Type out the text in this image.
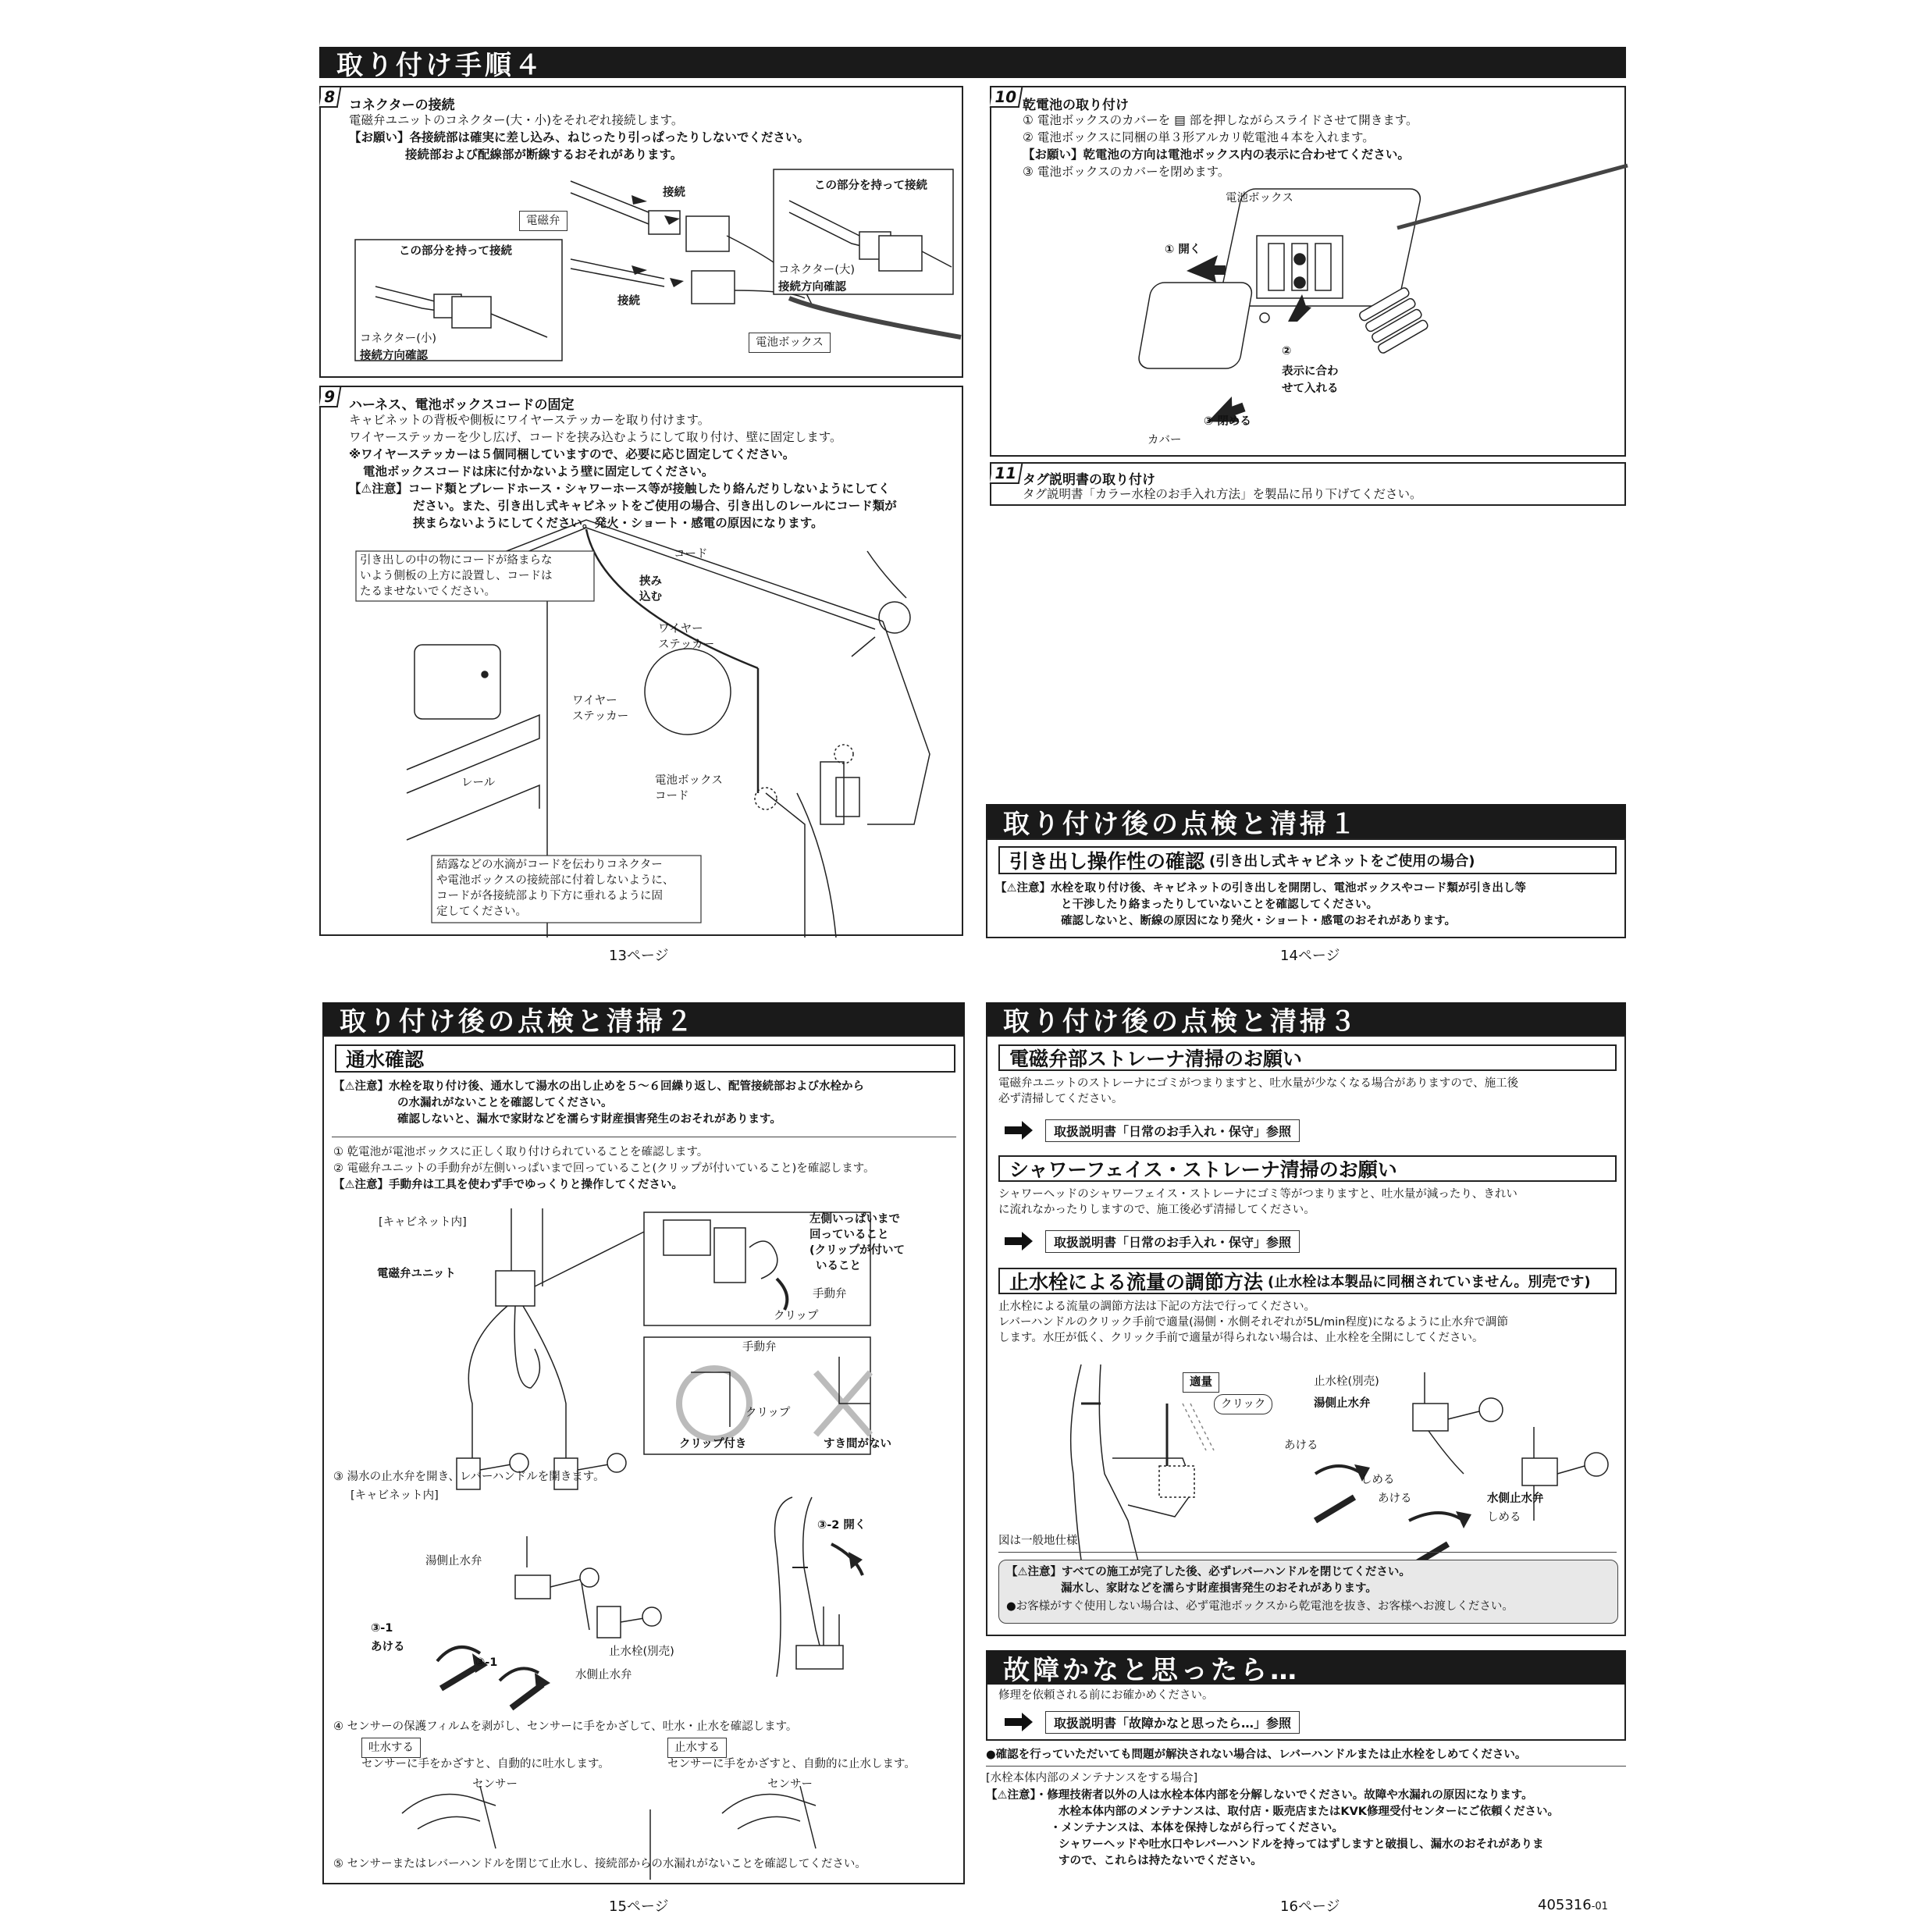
取り付け手順４
8 コネクターの接続
電磁弁ユニットのコネクター(大・小)をそれぞれ接続します。
【お願い】各接続部は確実に差し込み、ねじったり引っぱったりしないでください。
接続部および配線部が断線するおそれがあります。
接続
この部分を持って接続
電磁弁
この部分を持って接続
コネクター(大)
接続方向確認
接続
電池ボックス
コネクター(小)
接続方向確認
9 ハーネス、電池ボックスコードの固定
キャビネットの背板や側板にワイヤーステッカーを取り付けます。
ワイヤーステッカーを少し広げ、コードを挟み込むようにして取り付け、壁に固定します。
※ワイヤーステッカーは５個同梱していますので、必要に応じ固定してください。
電池ボックスコードは床に付かないよう壁に固定してください。
【⚠注意】コード類とブレードホース・シャワーホース等が接触したり絡んだりしないようにしてく
ださい。また、引き出し式キャビネットをご使用の場合、引き出しのレールにコード類が
挟まらないようにしてください。発火・ショート・感電の原因になります。
引き出しの中の物にコードが絡まらな
いよう側板の上方に設置し、コードは
たるませないでください。
コード
挟み
込む
ワイヤー
ステッカー
ワイヤー
ステッカー
レール	電池ボックス
コード
結露などの水滴がコードを伝わりコネクター
や電池ボックスの接続部に付着しないように、
コードが各接続部より下方に垂れるように固
定してください。
13ページ
10 乾電池の取り付け
① 電池ボックスのカバーを ▤ 部を押しながらスライドさせて開きます。
② 電池ボックスに同梱の単３形アルカリ乾電池４本を入れます。
【お願い】乾電池の方向は電池ボックス内の表示に合わせてください。
③ 電池ボックスのカバーを閉めます。
電池ボックス
① 開く
②
表示に合わ
せて入れる
③ 閉める
カバー
11 タグ説明書の取り付け
タグ説明書「カラー水栓のお手入れ方法」を製品に吊り下げてください。
取り付け後の点検と清掃１
引き出し操作性の確認 (引き出し式キャビネットをご使用の場合)
【⚠注意】水栓を取り付け後、キャビネットの引き出しを開閉し、電池ボックスやコード類が引き出し等
と干渉したり絡まったりしていないことを確認してください。
確認しないと、断線の原因になり発火・ショート・感電のおそれがあります。
14ページ
取り付け後の点検と清掃２
通水確認
【⚠注意】水栓を取り付け後、通水して湯水の出し止めを５～６回繰り返し、配管接続部および水栓から
の水漏れがないことを確認してください。
確認しないと、漏水で家財などを濡らす財産損害発生のおそれがあります。
① 乾電池が電池ボックスに正しく取り付けられていることを確認します。
② 電磁弁ユニットの手動弁が左側いっぱいまで回っていること(クリップが付いていること)を確認します。
【⚠注意】手動弁は工具を使わず手でゆっくりと操作してください。
[キャビネット内]
電磁弁ユニット
左側いっぱいまで
回っていること
(クリップが付いて
いること
手動弁
クリップ
手動弁
クリップ
クリップ付き	すき間がない
③ 湯水の止水弁を開き、レバーハンドルを開きます。
[キャビネット内]
湯側止水弁
③-1
あける
③-1
止水栓(別売)
水側止水弁
③-2 開く
④ センサーの保護フィルムを剥がし、センサーに手をかざして、吐水・止水を確認します。
吐水する
センサーに手をかざすと、自動的に吐水します。
止水する
センサーに手をかざすと、自動的に止水します。
センサー	センサー
⑤ センサーまたはレバーハンドルを閉じて止水し、接続部からの水漏れがないことを確認してください。
15ページ
取り付け後の点検と清掃３
電磁弁部ストレーナ清掃のお願い
電磁弁ユニットのストレーナにゴミがつまりますと、吐水量が少なくなる場合がありますので、施工後
必ず清掃してください。
取扱説明書「日常のお手入れ・保守」参照
シャワーフェイス・ストレーナ清掃のお願い
シャワーヘッドのシャワーフェイス・ストレーナにゴミ等がつまりますと、吐水量が減ったり、きれい
に流れなかったりしますので、施工後必ず清掃してください。
取扱説明書「日常のお手入れ・保守」参照
止水栓による流量の調節方法 (止水栓は本製品に同梱されていません。別売です)
止水栓による流量の調節方法は下記の方法で行ってください。
レバーハンドルのクリック手前で適量(湯側・水側それぞれが5L/min程度)になるように止水弁で調節
します。水圧が低く、クリック手前で適量が得られない場合は、止水栓を全開にしてください。
適量
クリック
止水栓(別売)
湯側止水弁
あける
しめる
あける	水側止水弁
しめる
図は一般地仕様
【⚠注意】すべての施工が完了した後、必ずレバーハンドルを閉じてください。
漏水し、家財などを濡らす財産損害発生のおそれがあります。
●お客様がすぐ使用しない場合は、必ず電池ボックスから乾電池を抜き、お客様へお渡しください。
故障かなと思ったら…
修理を依頼される前にお確かめください。
取扱説明書「故障かなと思ったら…」参照
●確認を行っていただいても問題が解決されない場合は、レバーハンドルまたは止水栓をしめてください。
[水栓本体内部のメンテナンスをする場合]
【⚠注意】・修理技術者以外の人は水栓本体内部を分解しないでください。故障や水漏れの原因になります。
水栓本体内部のメンテナンスは、取付店・販売店またはKVK修理受付センターにご依頼ください。
・メンテナンスは、本体を保持しながら行ってください。
シャワーヘッドや吐水口やレバーハンドルを持ってはずしますと破損し、漏水のおそれがありま
すので、これらは持たないでください。
16ページ	405316-01
